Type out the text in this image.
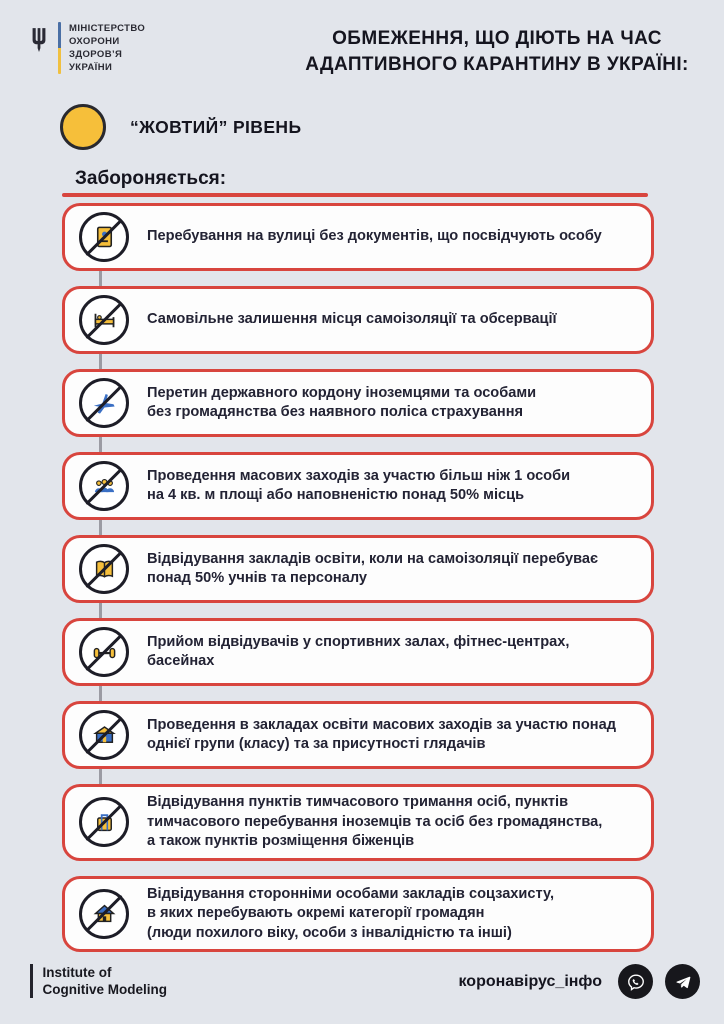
МІНІСТЕРСТВО
ОХОРОНИ
ЗДОРОВ’Я
УКРАЇНИ
ОБМЕЖЕННЯ, ЩО ДІЮТЬ НА ЧАС
АДАПТИВНОГО КАРАНТИНУ В УКРАЇНІ:
“ЖОВТИЙ” РІВЕНЬ
Забороняється:
Перебування на вулиці без документів, що посвідчують особу
Самовільне залишення місця самоізоляції та обсервації
Перетин державного кордону іноземцями та особами
без громадянства без наявного поліса страхування
Проведення масових заходів за участю більш ніж 1 особи
на 4 кв. м площі або наповненістю понад 50% місць
Відвідування закладів освіти, коли на самоізоляції перебуває
понад 50% учнів та персоналу
Прийом відвідувачів у спортивних залах, фітнес-центрах, басейнах
Проведення в закладах освіти масових заходів за участю понад
однієї групи (класу) та за присутності глядачів
Відвідування пунктів тимчасового тримання осіб, пунктів
тимчасового перебування іноземців та осіб без громадянства,
а також пунктів розміщення біженців
Відвідування сторонніми особами закладів соцзахисту,
в яких перебувають окремі категорії громадян
(люди похилого віку, особи з інвалідністю та інші)
Institute of
Cognitive Modeling	коронавірус_інфо
